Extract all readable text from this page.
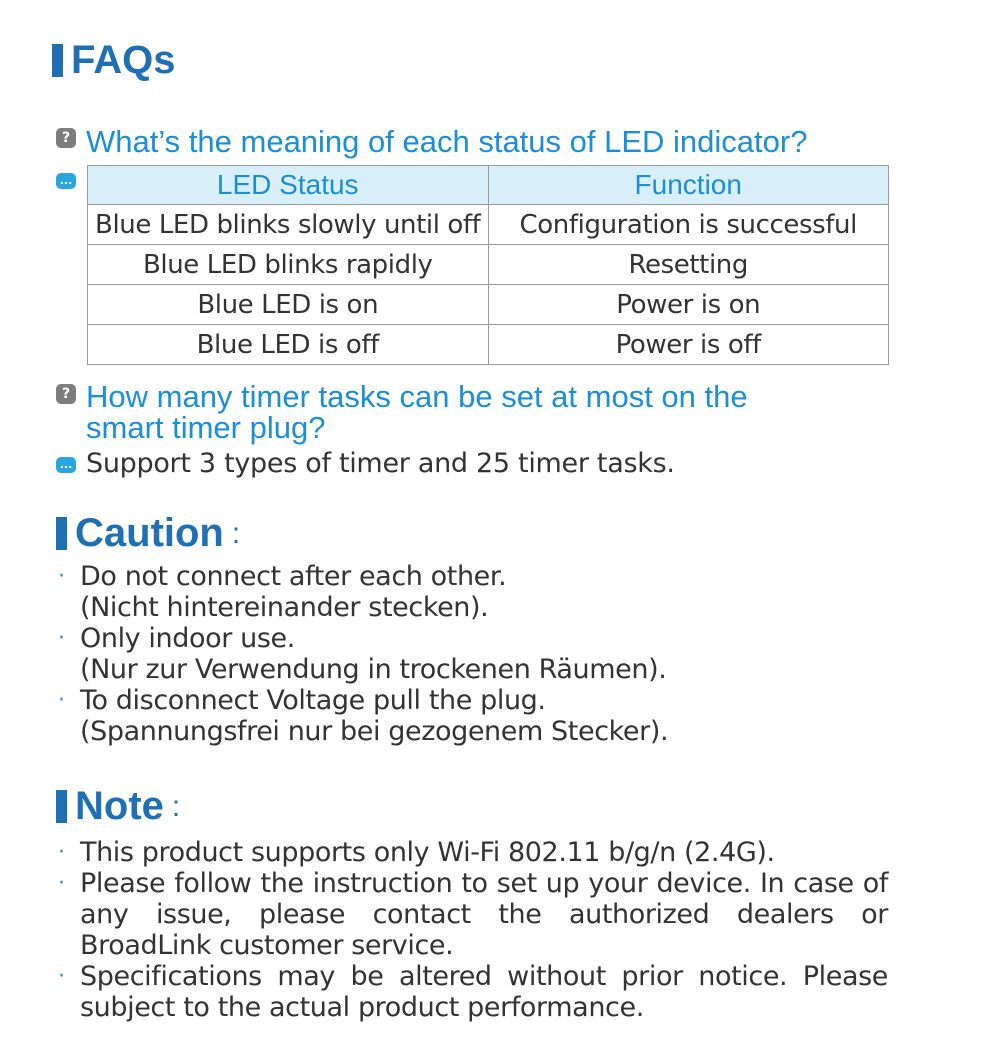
FAQs
? What’s the meaning of each status of LED indicator?
...	LED Status	Function
Blue LED blinks slowly until off	Configuration is successful
Blue LED blinks rapidly	Resetting
Blue LED is on	Power is on
Blue LED is off	Power is off
? How many timer tasks can be set at most on the
smart timer plug?
... Support 3 types of timer and 25 timer tasks.
Caution :
· Do not connect after each other.
(Nicht hintereinander stecken).
· Only indoor use.
(Nur zur Verwendung in trockenen Räumen).
· To disconnect Voltage pull the plug.
(Spannungsfrei nur bei gezogenem Stecker).
Note :
· This product supports only Wi-Fi 802.11 b/g/n (2.4G).
· Please follow the instruction to set up your device. In case of any issue, please contact the authorized dealers or BroadLink customer service.
· Specifications may be altered without prior notice. Please subject to the actual product performance.
